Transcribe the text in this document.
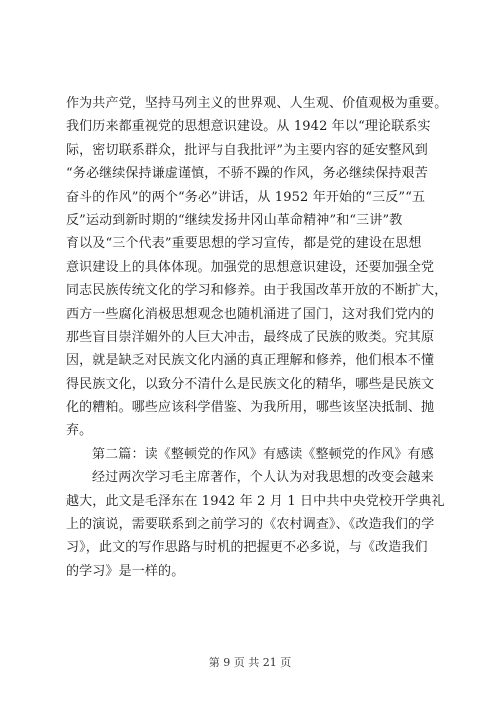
作为共产党，坚持马列主义的世界观、人生观、价值观极为重要。
我们历来都重视党的思想意识建设。从 1942 年以“理论联系实
际，密切联系群众，批评与自我批评”为主要内容的延安整风到
“务必继续保持谦虚谨慎，不骄不躁的作风，务必继续保持艰苦
奋斗的作风”的两个“务必”讲话，从 1952 年开始的“三反”“五
反”运动到新时期的“继续发扬井冈山革命精神”和“三讲”教
育以及“三个代表”重要思想的学习宣传，都是党的建设在思想
意识建设上的具体体现。加强党的思想意识建设，还要加强全党
同志民族传统文化的学习和修养。由于我国改革开放的不断扩大，
西方一些腐化消极思想观念也随机涌进了国门，这对我们党内的
那些盲目崇洋媚外的人巨大冲击，最终成了民族的败类。究其原
因，就是缺乏对民族文化内涵的真正理解和修养，他们根本不懂
得民族文化，以致分不清什么是民族文化的精华，哪些是民族文
化的糟粕。哪些应该科学借鉴、为我所用，哪些该坚决抵制、抛
弃。
第二篇：读《整顿党的作风》有感读《整顿党的作风》有感
经过两次学习毛主席著作，个人认为对我思想的改变会越来
越大，此文是毛泽东在 1942 年 2 月 1 日中共中央党校开学典礼
上的演说，需要联系到之前学习的《农村调查》、《改造我们的学
习》，此文的写作思路与时机的把握更不必多说，与《改造我们
的学习》是一样的。
第 9 页 共 21 页
